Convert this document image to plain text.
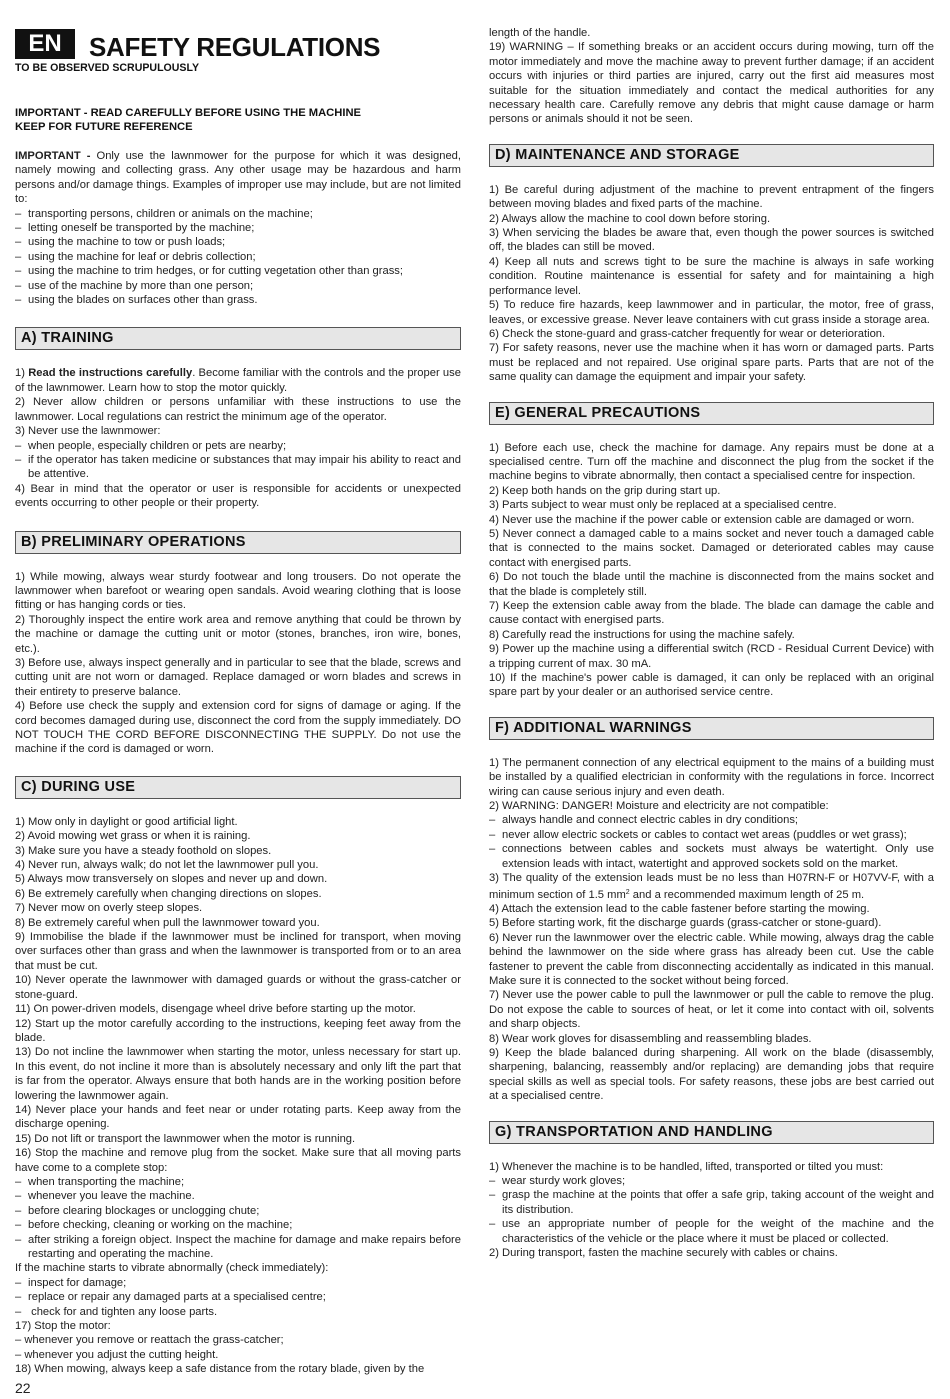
EN	SAFETY REGULATIONS
TO BE OBSERVED SCRUPULOUSLY
IMPORTANT - READ CAREFULLY BEFORE USING THE MACHINE
KEEP FOR FUTURE REFERENCE

IMPORTANT - Only use the lawnmower for the purpose for which it was designed, namely mowing and collecting grass. Any other usage may be hazardous and harm persons and/or damage things. Examples of improper use may include, but are not limited to:

– transporting persons, children or animals on the machine;
– letting oneself be transported by the machine;
– using the machine to tow or push loads;
– using the machine for leaf or debris collection;
– using the machine to trim hedges, or for cutting vegetation other than grass;
– use of the machine by more than one person;
– using the blades on surfaces other than grass.
A) TRAINING

1) Read the instructions carefully. Become familiar with the controls and the proper use of the lawnmower. Learn how to stop the motor quickly.

2) Never allow children or persons unfamiliar with these instructions to use the lawnmower. Local regulations can restrict the minimum age of the operator.

3) Never use the lawnmower:

– when people, especially children or pets are nearby;
– if the operator has taken medicine or substances that may impair his ability to react and be attentive.

4) Bear in mind that the operator or user is responsible for accidents or unexpected events occurring to other people or their property.

B) PRELIMINARY OPERATIONS

1) While mowing, always wear sturdy footwear and long trousers. Do not operate the lawnmower when barefoot or wearing open sandals. Avoid wearing clothing that is loose fitting or has hanging cords or ties.

2) Thoroughly inspect the entire work area and remove anything that could be thrown by the machine or damage the cutting unit or motor (stones, branches, iron wire, bones, etc.).

3) Before use, always inspect generally and in particular to see that the blade, screws and cutting unit are not worn or damaged. Replace damaged or worn blades and screws in their entirety to preserve balance.

4) Before use check the supply and extension cord for signs of damage or aging. If the cord becomes damaged during use, disconnect the cord from the supply immediately. DO NOT TOUCH THE CORD BEFORE DISCONNECTING THE SUPPLY. Do not use the machine if the cord is damaged or worn.

C) DURING USE

1) Mow only in daylight or good artificial light.

2) Avoid mowing wet grass or when it is raining.

3) Make sure you have a steady foothold on slopes.

4) Never run, always walk; do not let the lawnmower pull you.

5) Always mow transversely on slopes and never up and down.

6) Be extremely carefully when changing directions on slopes.

7) Never mow on overly steep slopes.

8) Be extremely careful when pull the lawnmower toward you.

9) Immobilise the blade if the lawnmower must be inclined for transport, when moving over surfaces other than grass and when the lawnmower is transported from or to an area that must be cut.

10) Never operate the lawnmower with damaged guards or without the grass-catcher or stone-guard.

11) On power-driven models, disengage wheel drive before starting up the motor.

12) Start up the motor carefully according to the instructions, keeping feet away from the blade.

13) Do not incline the lawnmower when starting the motor, unless necessary for start up. In this event, do not incline it more than is absolutely necessary and only lift the part that is far from the operator. Always ensure that both hands are in the working position before lowering the lawnmower again.

14) Never place your hands and feet near or under rotating parts. Keep away from the discharge opening.

15) Do not lift or transport the lawnmower when the motor is running.

16) Stop the machine and remove plug from the socket. Make sure that all moving parts have come to a complete stop:

– when transporting the machine;
– whenever you leave the machine.
– before clearing blockages or unclogging chute;
– before checking, cleaning or working on the machine;
– after striking a foreign object. Inspect the machine for damage and make repairs before restarting and operating the machine.

If the machine starts to vibrate abnormally (check immediately):

– inspect for damage;
– replace or repair any damaged parts at a specialised centre;
– check for and tighten any loose parts.

17) Stop the motor:

– whenever you remove or reattach the grass-catcher;

– whenever you adjust the cutting height.

18) When mowing, always keep a safe distance from the rotary blade, given by the

length of the handle.

19) WARNING – If something breaks or an accident occurs during mowing, turn off the motor immediately and move the machine away to prevent further damage; if an accident occurs with injuries or third parties are injured, carry out the first aid measures most suitable for the situation immediately and contact the medical authorities for any necessary health care. Carefully remove any debris that might cause damage or harm persons or animals should it not be seen.

D) MAINTENANCE AND STORAGE

1) Be careful during adjustment of the machine to prevent entrapment of the fingers between moving blades and fixed parts of the machine.

2) Always allow the machine to cool down before storing.

3) When servicing the blades be aware that, even though the power sources is switched off, the blades can still be moved.

4) Keep all nuts and screws tight to be sure the machine is always in safe working condition. Routine maintenance is essential for safety and for maintaining a high performance level.

5) To reduce fire hazards, keep lawnmower and in particular, the motor, free of grass, leaves, or excessive grease. Never leave containers with cut grass inside a storage area.

6) Check the stone-guard and grass-catcher frequently for wear or deterioration.

7) For safety reasons, never use the machine when it has worn or damaged parts. Parts must be replaced and not repaired. Use original spare parts. Parts that are not of the same quality can damage the equipment and impair your safety.

E) GENERAL PRECAUTIONS

1) Before each use, check the machine for damage. Any repairs must be done at a specialised centre. Turn off the machine and disconnect the plug from the socket if the machine begins to vibrate abnormally, then contact a specialised centre for inspection.

2) Keep both hands on the grip during start up.

3) Parts subject to wear must only be replaced at a specialised centre.

4) Never use the machine if the power cable or extension cable are damaged or worn.

5) Never connect a damaged cable to a mains socket and never touch a damaged cable that is connected to the mains socket. Damaged or deteriorated cables may cause contact with energised parts.

6) Do not touch the blade until the machine is disconnected from the mains socket and that the blade is completely still.

7) Keep the extension cable away from the blade. The blade can damage the cable and cause contact with energised parts.

8) Carefully read the instructions for using the machine safely.

9) Power up the machine using a differential switch (RCD - Residual Current Device) with a tripping current of max. 30 mA.

10) If the machine's power cable is damaged, it can only be replaced with an original spare part by your dealer or an authorised service centre.

F) ADDITIONAL WARNINGS

1) The permanent connection of any electrical equipment to the mains of a building must be installed by a qualified electrician in conformity with the regulations in force. Incorrect wiring can cause serious injury and even death.

2) WARNING: DANGER! Moisture and electricity are not compatible:

– always handle and connect electric cables in dry conditions;
– never allow electric sockets or cables to contact wet areas (puddles or wet grass);
– connections between cables and sockets must always be watertight. Only use extension leads with intact, watertight and approved sockets sold on the market.

3) The quality of the extension leads must be no less than H07RN-F or H07VV-F, with a minimum section of 1.5 $mm^2$ and a recommended maximum length of 25 m.

4) Attach the extension lead to the cable fastener before starting the mowing.

5) Before starting work, fit the discharge guards (grass-catcher or stone-guard).

6) Never run the lawnmower over the electric cable. While mowing, always drag the cable behind the lawnmower on the side where grass has already been cut. Use the cable fastener to prevent the cable from disconnecting accidentally as indicated in this manual. Make sure it is connected to the socket without being forced.

7) Never use the power cable to pull the lawnmower or pull the cable to remove the plug. Do not expose the cable to sources of heat, or let it come into contact with oil, solvents and sharp objects.

8) Wear work gloves for disassembling and reassembling blades.

9) Keep the blade balanced during sharpening. All work on the blade (disassembly, sharpening, balancing, reassembly and/or replacing) are demanding jobs that require special skills as well as special tools. For safety reasons, these jobs are best carried out at a specialised centre.

G) TRANSPORTATION AND HANDLING

1) Whenever the machine is to be handled, lifted, transported or tilted you must:

– wear sturdy work gloves;
– grasp the machine at the points that offer a safe grip, taking account of the weight and its distribution.
– use an appropriate number of people for the weight of the machine and the characteristics of the vehicle or the place where it must be placed or collected.

2) During transport, fasten the machine securely with cables or chains.

22
